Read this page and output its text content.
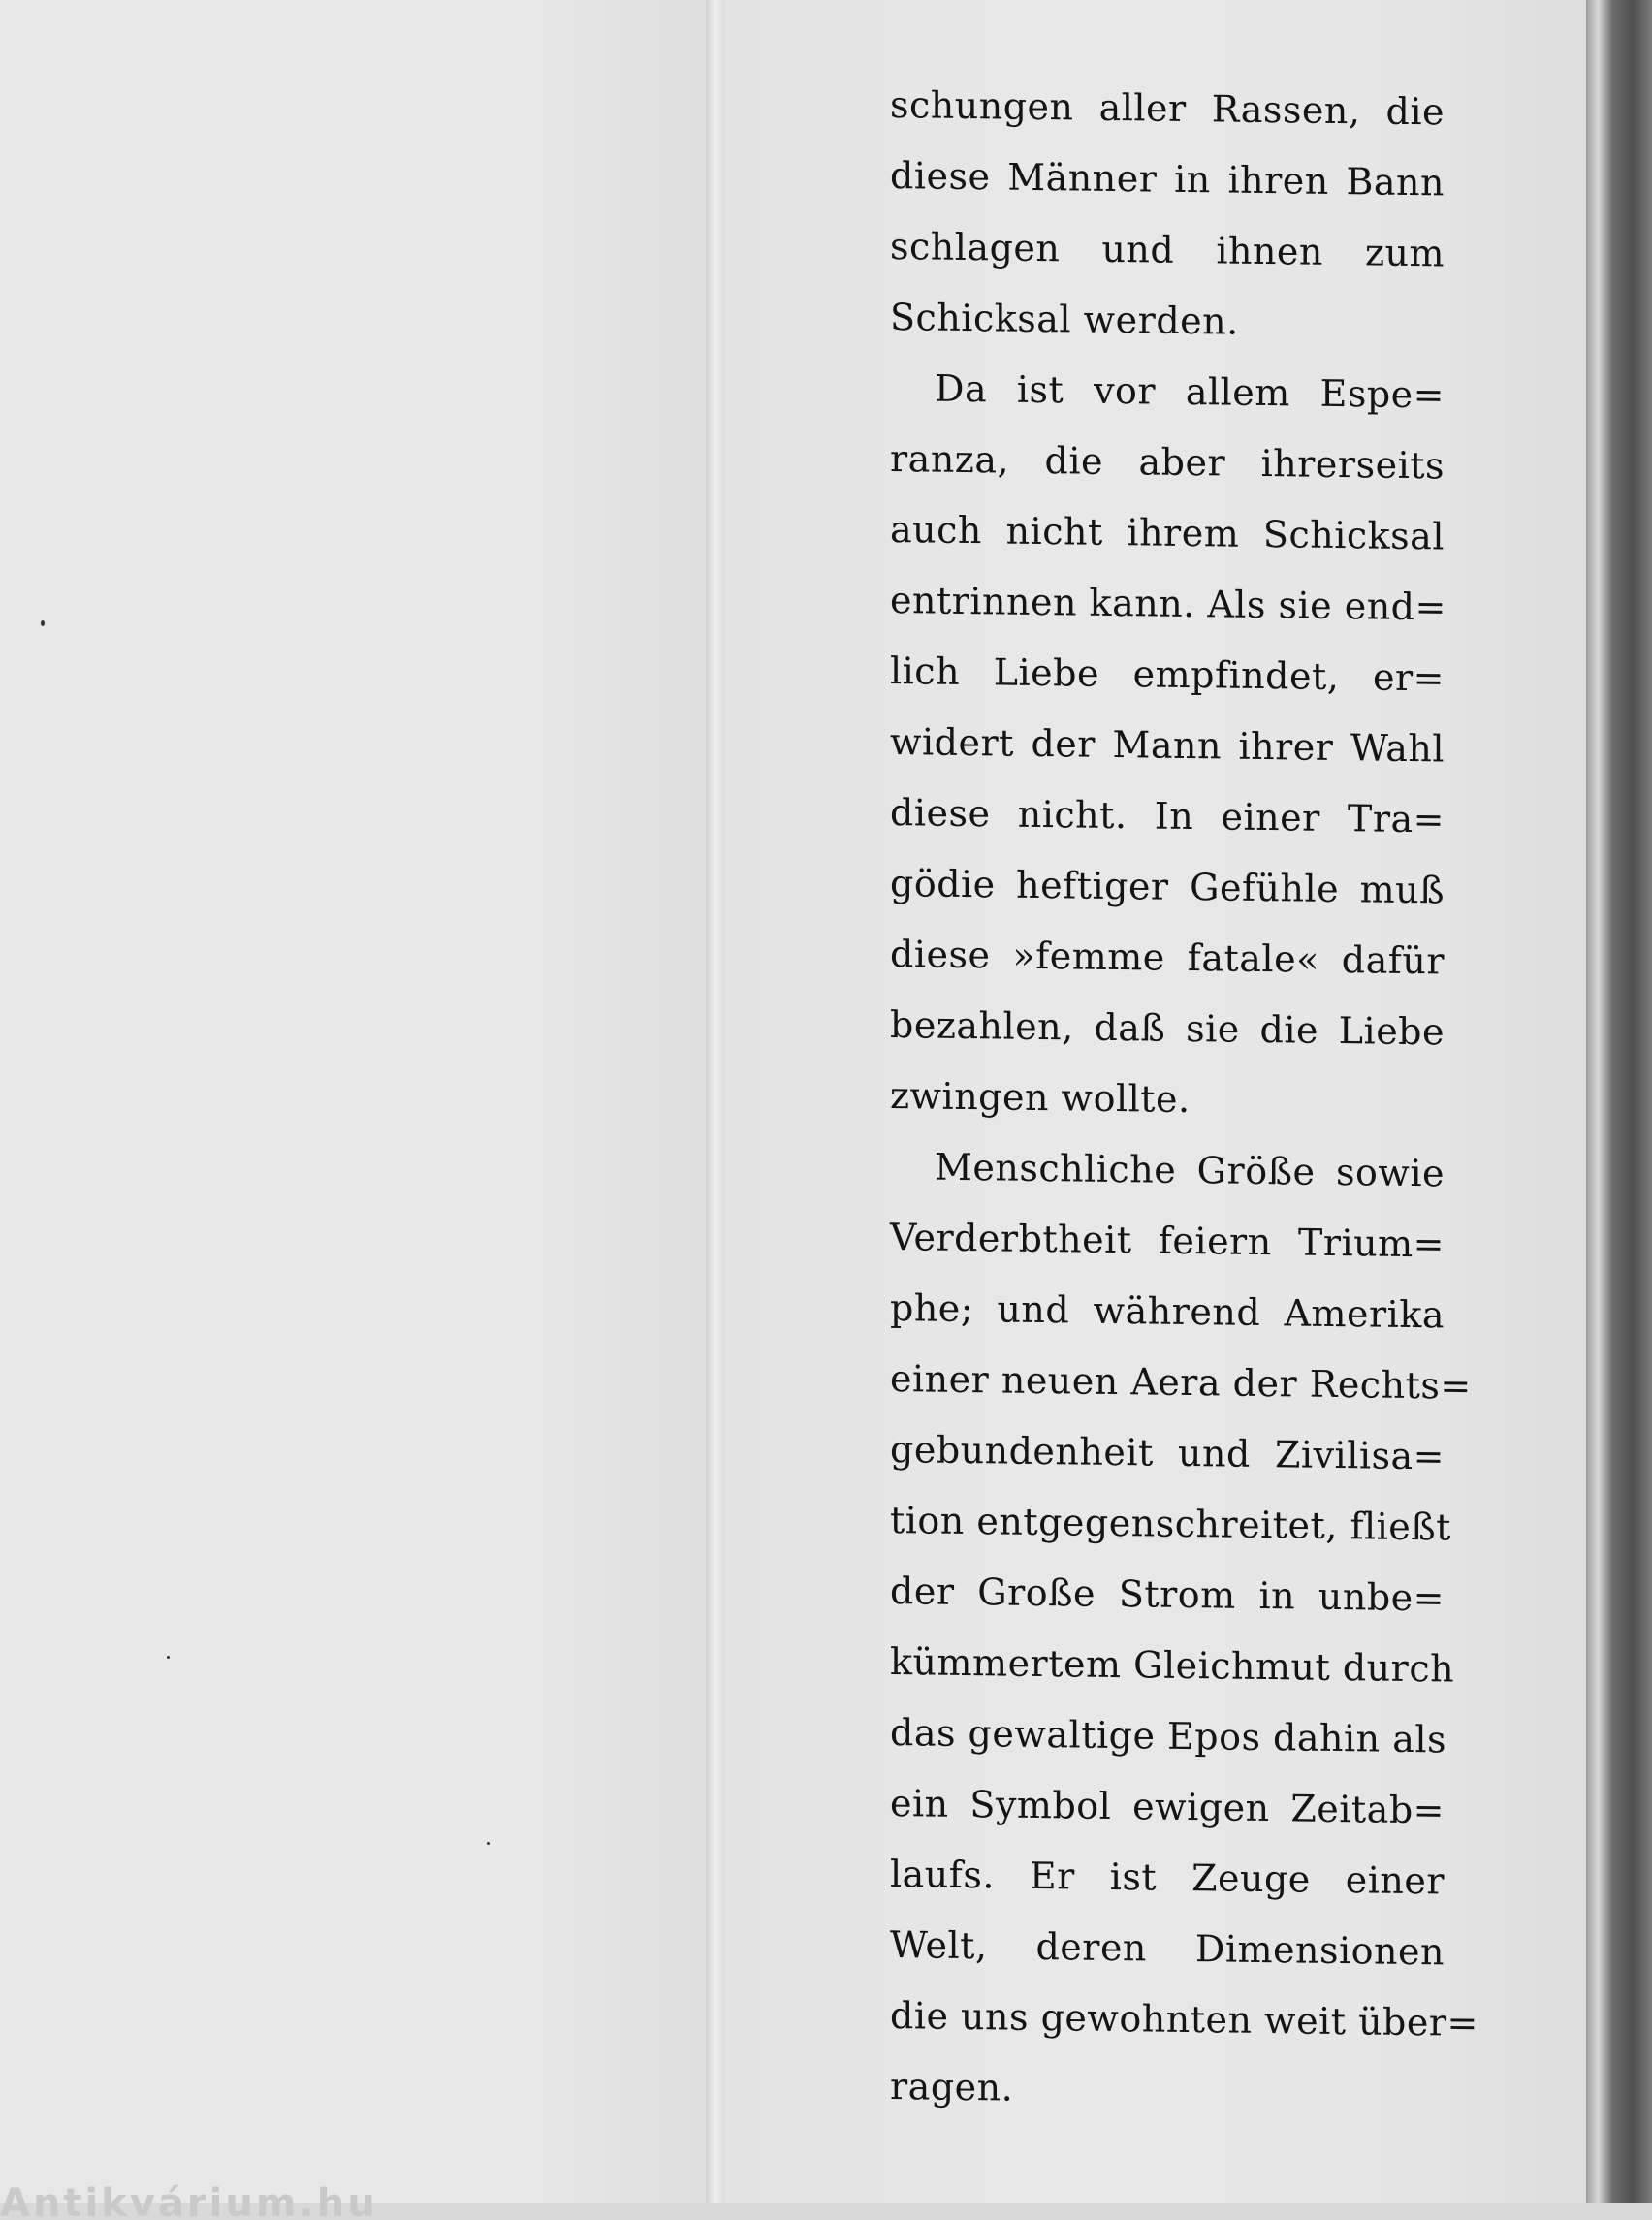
schungen aller Rassen, die
diese Männer in ihren Bann
schlagen und ihnen zum
Schicksal werden.
Da ist vor allem Espe=
ranza, die aber ihrerseits
auch nicht ihrem Schicksal
entrinnen kann. Als sie end=
lich Liebe empfindet, er=
widert der Mann ihrer Wahl
diese nicht. In einer Tra=
gödie heftiger Gefühle muß
diese »femme fatale« dafür
bezahlen, daß sie die Liebe
zwingen wollte.
Menschliche Größe sowie
Verderbtheit feiern Trium=
phe; und während Amerika
einer neuen Aera der Rechts=
gebundenheit und Zivilisa=
tion entgegenschreitet, fließt
der Große Strom in unbe=
kümmertem Gleichmut durch
das gewaltige Epos dahin als
ein Symbol ewigen Zeitab=
laufs. Er ist Zeuge einer
Welt, deren Dimensionen
die uns gewohnten weit über=
ragen.
Antikvárium.hu
